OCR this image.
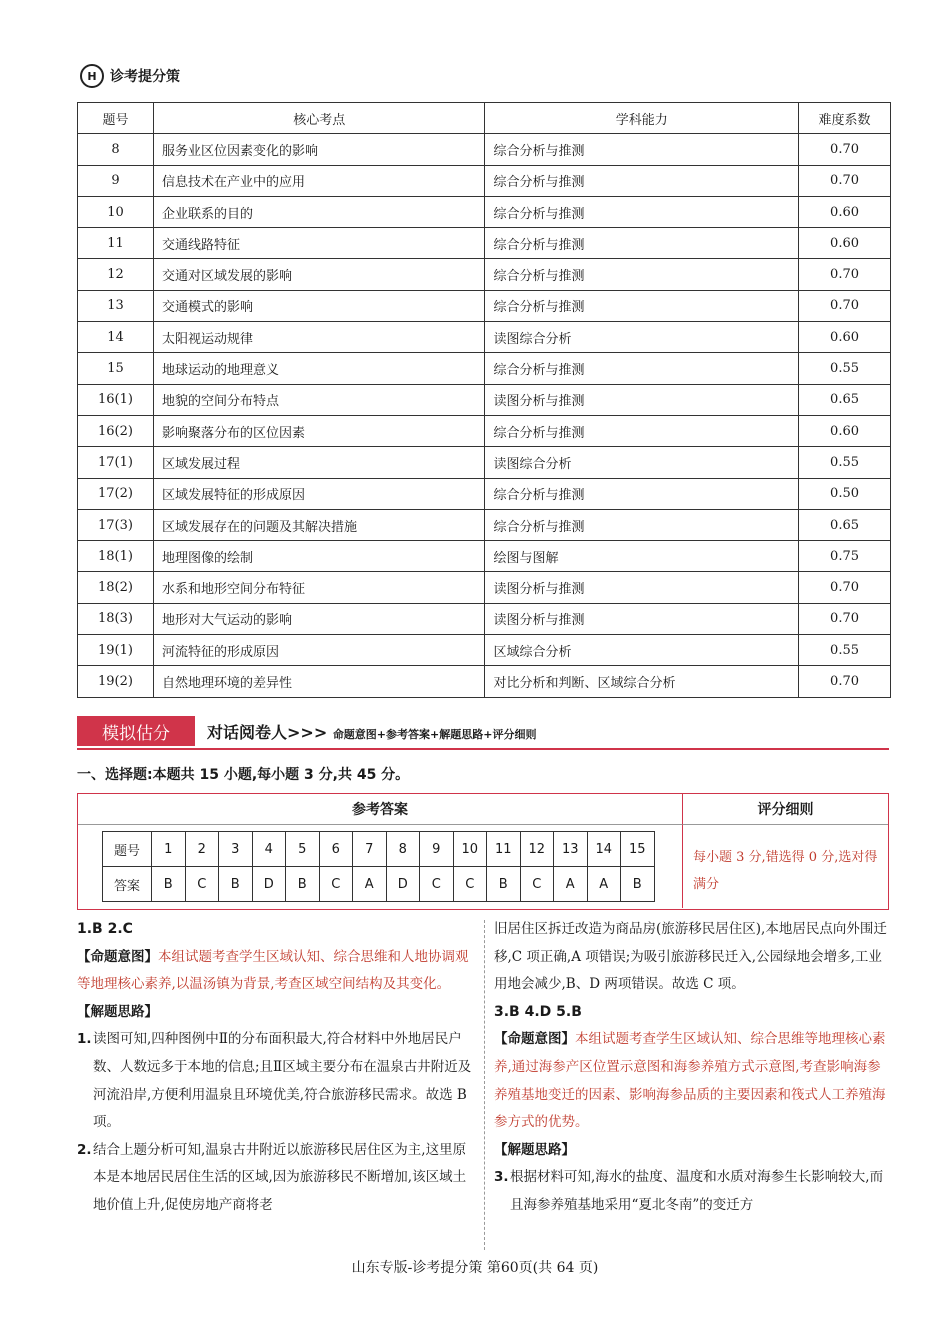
H 诊考提分策
题号	核心考点	学科能力	难度系数
8	服务业区位因素变化的影响	综合分析与推测	0.70
9	信息技术在产业中的应用	综合分析与推测	0.70
10	企业联系的目的	综合分析与推测	0.60
11	交通线路特征	综合分析与推测	0.60
12	交通对区域发展的影响	综合分析与推测	0.70
13	交通模式的影响	综合分析与推测	0.70
14	太阳视运动规律	读图综合分析	0.60
15	地球运动的地理意义	综合分析与推测	0.55
16(1)	地貌的空间分布特点	读图分析与推测	0.65
16(2)	影响聚落分布的区位因素	综合分析与推测	0.60
17(1)	区域发展过程	读图综合分析	0.55
17(2)	区域发展特征的形成原因	综合分析与推测	0.50
17(3)	区域发展存在的问题及其解决措施	综合分析与推测	0.65
18(1)	地理图像的绘制	绘图与图解	0.75
18(2)	水系和地形空间分布特征	读图分析与推测	0.70
18(3)	地形对大气运动的影响	读图分析与推测	0.70
19(1)	河流特征的形成原因	区域综合分析	0.55
19(2)	自然地理环境的差异性	对比分析和判断、区域综合分析	0.70
模拟估分	对话阅卷人>>> 命题意图+参考答案+解题思路+评分细则
一、选择题:本题共 15 小题,每小题 3 分,共 45 分。
参考答案	评分细则
题号	1	2	3	4	5	6	7	8	9	10	11	12	13	14	15
答案	B	C	B	D	B	C	A	D	C	C	B	C	A	A	B
每小题 3 分,错选得 0 分,选对得满分

1.B 2.C

【命题意图】本组试题考查学生区域认知、综合思维和人地协调观等地理核心素养,以温汤镇为背景,考查区域空间结构及其变化。

【解题思路】

1. 读图可知,四种图例中Ⅱ的分布面积最大,符合材料中外地居民户数、人数远多于本地的信息;且Ⅱ区域主要分布在温泉古井附近及河流沿岸,方便利用温泉且环境优美,符合旅游移民需求。故选 B 项。
2. 结合上题分析可知,温泉古井附近以旅游移民居住区为主,这里原本是本地居民居住生活的区域,因为旅游移民不断增加,该区域土地价值上升,促使房地产商将老

旧居住区拆迁改造为商品房(旅游移民居住区),本地居民点向外围迁移,C 项正确,A 项错误;为吸引旅游移民迁入,公园绿地会增多,工业用地会减少,B、D 两项错误。故选 C 项。

3.B 4.D 5.B

【命题意图】本组试题考查学生区域认知、综合思维等地理核心素养,通过海参产区位置示意图和海参养殖方式示意图,考查影响海参养殖基地变迁的因素、影响海参品质的主要因素和筏式人工养殖海参方式的优势。

【解题思路】

3. 根据材料可知,海水的盐度、温度和水质对海参生长影响较大,而且海参养殖基地采用“夏北冬南”的变迁方
山东专版-诊考提分策 第60页(共 64 页)
